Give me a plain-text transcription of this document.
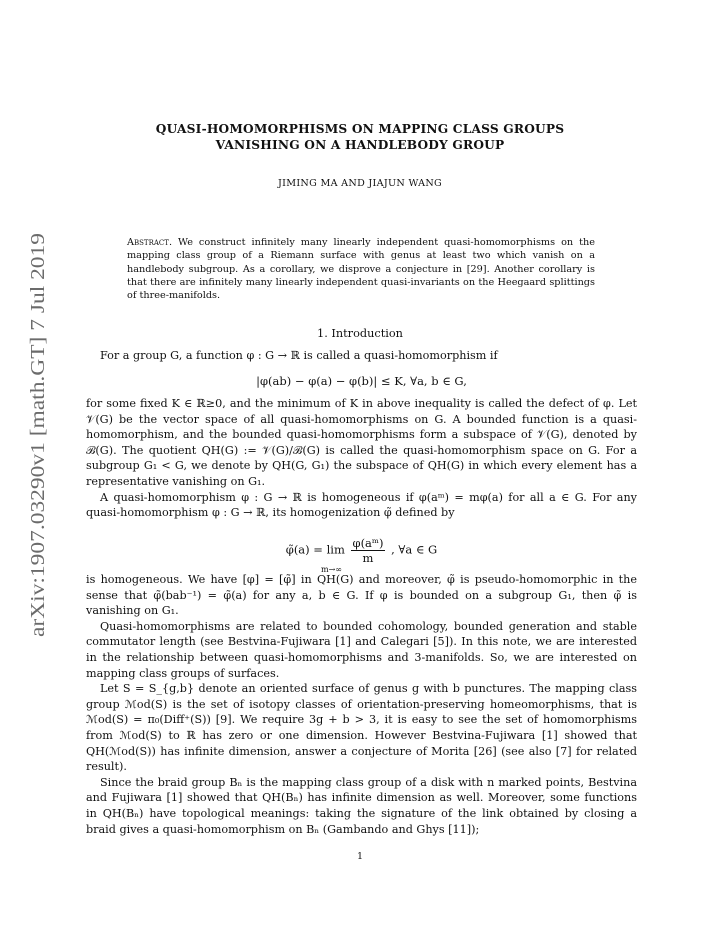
arXiv:1907.03290v1 [math.GT] 7 Jul 2019
QUASI-HOMOMORPHISMS ON MAPPING CLASS GROUPS
VANISHING ON A HANDLEBODY GROUP
JIMING MA AND JIAJUN WANG
Abstract. We construct infinitely many linearly independent quasi-homomorphisms on the mapping class group of a Riemann surface with genus at least two which vanish on a handlebody subgroup. As a corollary, we disprove a conjecture in [29]. Another corollary is that there are infinitely many linearly independent quasi-invariants on the Heegaard splittings of three-manifolds.
1. Introduction

For a group G, a function φ : G → ℝ is called a quasi-homomorphism if

|φ(ab) − φ(a) − φ(b)| ≤ K, ∀a, b ∈ G,

for some fixed K ∈ ℝ≥0, and the minimum of K in above inequality is called the defect of φ. Let 𝒱(G) be the vector space of all quasi-homomorphisms on G. A bounded function is a quasi-homomorphism, and the bounded quasi-homomorphisms form a subspace of 𝒱(G), denoted by ℬ(G). The quotient QH(G) := 𝒱(G)/ℬ(G) is called the quasi-homomorphism space on G. For a subgroup G₁ < G, we denote by QH(G, G₁) the subspace of QH(G) in which every element has a representative vanishing on G₁.

A quasi-homomorphism φ : G → ℝ is homogeneous if φ(aᵐ) = mφ(a) for all a ∈ G. For any quasi-homomorphism φ : G → ℝ, its homogenization φ̃ defined by

φ̃(a) = $\lim \frac{\text{φ(aᵐ)}}{m}$ , ∀a ∈ G
m→∞

is homogeneous. We have [φ] = [φ̃] in QH(G) and moreover, φ̃ is pseudo-homomorphic in the sense that φ̃(bab⁻¹) = φ̃(a) for any a, b ∈ G. If φ is bounded on a subgroup G₁, then φ̃ is vanishing on G₁.

Quasi-homomorphisms are related to bounded cohomology, bounded generation and stable commutator length (see Bestvina-Fujiwara [1] and Calegari [5]). In this note, we are interested in the relationship between quasi-homomorphisms and 3-manifolds. So, we are interested on mapping class groups of surfaces.

Let S = S_{g,b} denote an oriented surface of genus g with b punctures. The mapping class group ℳod(S) is the set of isotopy classes of orientation-preserving homeomorphisms, that is ℳod(S) = π₀(Diff⁺(S)) [9]. We require 3g + b > 3, it is easy to see the set of homomorphisms from ℳod(S) to ℝ has zero or one dimension. However Bestvina-Fujiwara [1] showed that QH(ℳod(S)) has infinite dimension, answer a conjecture of Morita [26] (see also [7] for related result).

Since the braid group Bₙ is the mapping class group of a disk with n marked points, Bestvina and Fujiwara [1] showed that QH(Bₙ) has infinite dimension as well. Moreover, some functions in QH(Bₙ) have topological meanings: taking the signature of the link obtained by closing a braid gives a quasi-homomorphism on Bₙ (Gambando and Ghys [11]);

1
